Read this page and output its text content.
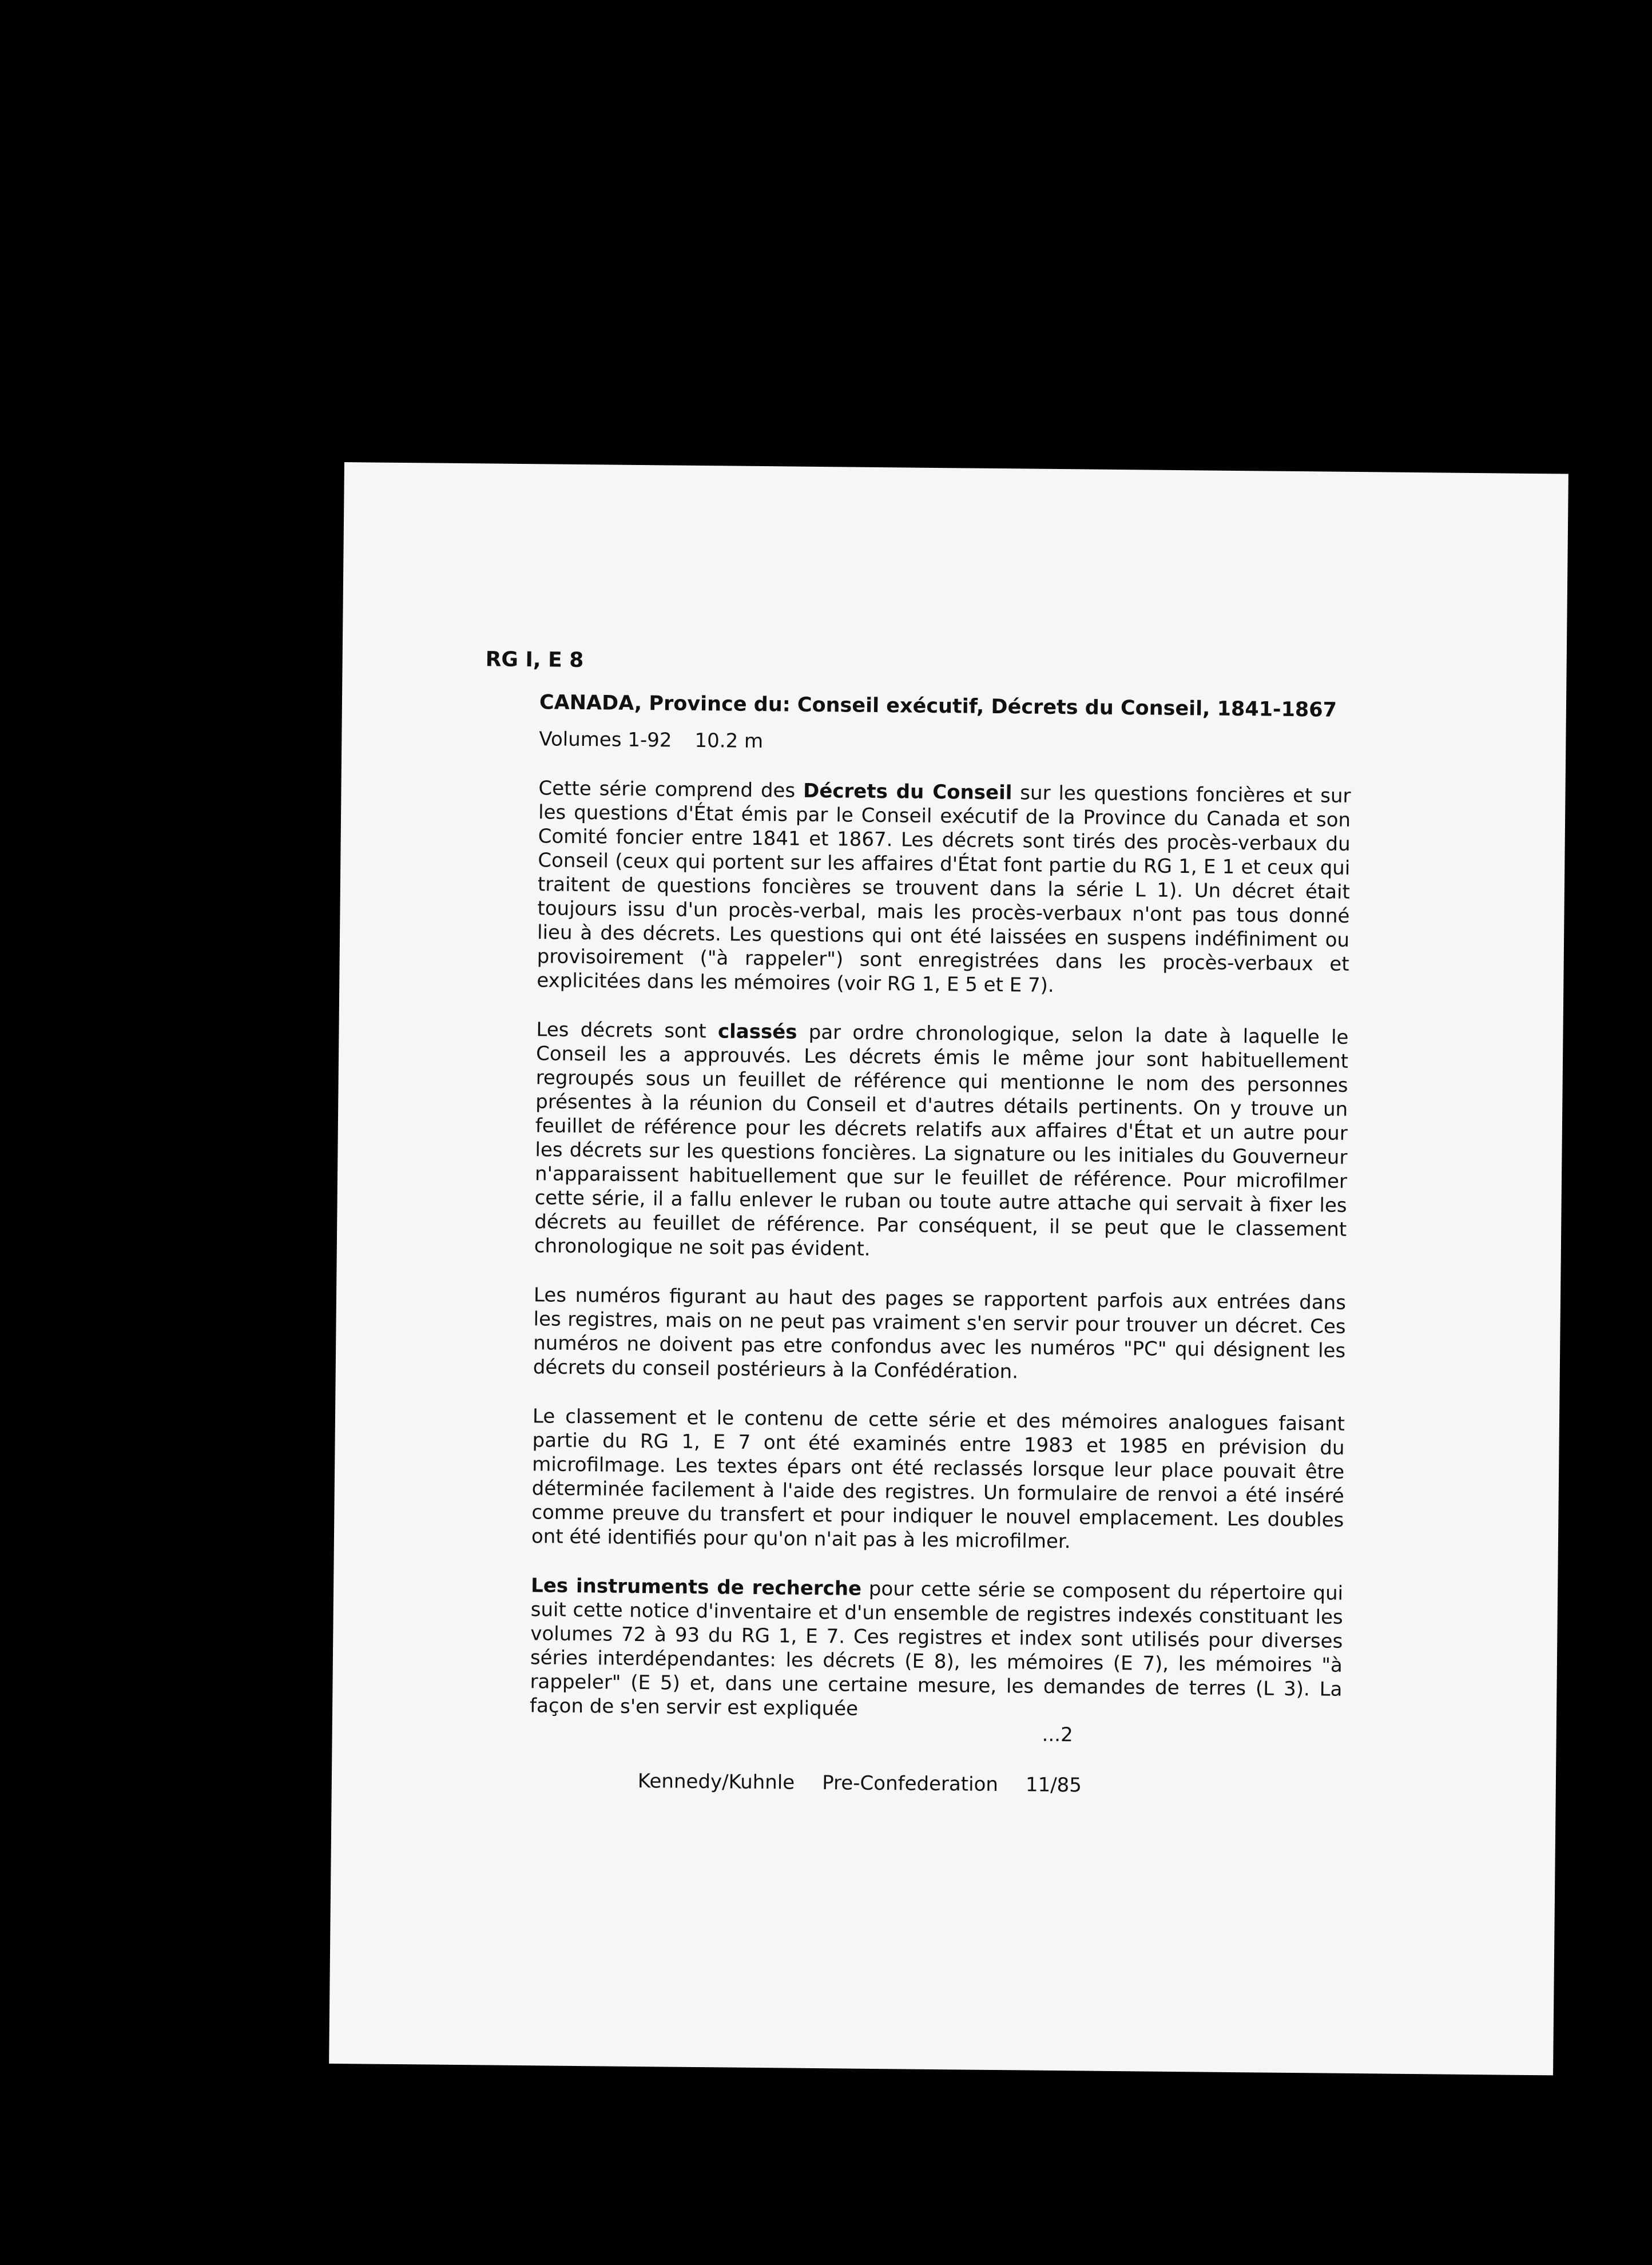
RG I, E 8
CANADA, Province du: Conseil exécutif, Décrets du Conseil, 1841-1867
Volumes 1-92 10.2 m

Cette série comprend des Décrets du Conseil sur les questions foncières et sur les questions d'État émis par le Conseil exécutif de la Province du Canada et son Comité foncier entre 1841 et 1867. Les décrets sont tirés des procès-verbaux du Conseil (ceux qui portent sur les affaires d'État font partie du RG 1, E 1 et ceux qui traitent de questions foncières se trouvent dans la série L 1). Un décret était toujours issu d'un procès-verbal, mais les procès-verbaux n'ont pas tous donné lieu à des décrets. Les questions qui ont été laissées en suspens indéfiniment ou provisoirement ("à rappeler") sont enregistrées dans les procès-verbaux et explicitées dans les mémoires (voir RG 1, E 5 et E 7).

Les décrets sont classés par ordre chronologique, selon la date à laquelle le Conseil les a approuvés. Les décrets émis le même jour sont habituellement regroupés sous un feuillet de référence qui mentionne le nom des personnes présentes à la réunion du Conseil et d'autres détails pertinents. On y trouve un feuillet de référence pour les décrets relatifs aux affaires d'État et un autre pour les décrets sur les questions foncières. La signature ou les initiales du Gouverneur n'apparaissent habituellement que sur le feuillet de référence. Pour microfilmer cette série, il a fallu enlever le ruban ou toute autre attache qui servait à fixer les décrets au feuillet de référence. Par conséquent, il se peut que le classement chronologique ne soit pas évident.

Les numéros figurant au haut des pages se rapportent parfois aux entrées dans les registres, mais on ne peut pas vraiment s'en servir pour trouver un décret. Ces numéros ne doivent pas etre confondus avec les numéros "PC" qui désignent les décrets du conseil postérieurs à la Confédération.

Le classement et le contenu de cette série et des mémoires analogues faisant partie du RG 1, E 7 ont été examinés entre 1983 et 1985 en prévision du microfilmage. Les textes épars ont été reclassés lorsque leur place pouvait être déterminée facilement à l'aide des registres. Un formulaire de renvoi a été inséré comme preuve du transfert et pour indiquer le nouvel emplacement. Les doubles ont été identifiés pour qu'on n'ait pas à les microfilmer.

Les instruments de recherche pour cette série se composent du répertoire qui suit cette notice d'inventaire et d'un ensemble de registres indexés constituant les volumes 72 à 93 du RG 1, E 7. Ces registres et index sont utilisés pour diverses séries interdépendantes: les décrets (E 8), les mémoires (E 7), les mémoires "à rappeler" (E 5) et, dans une certaine mesure, les demandes de terres (L 3). La façon de s'en servir est expliquée

...2
Kennedy/Kuhnle Pre-Confederation 11/85
